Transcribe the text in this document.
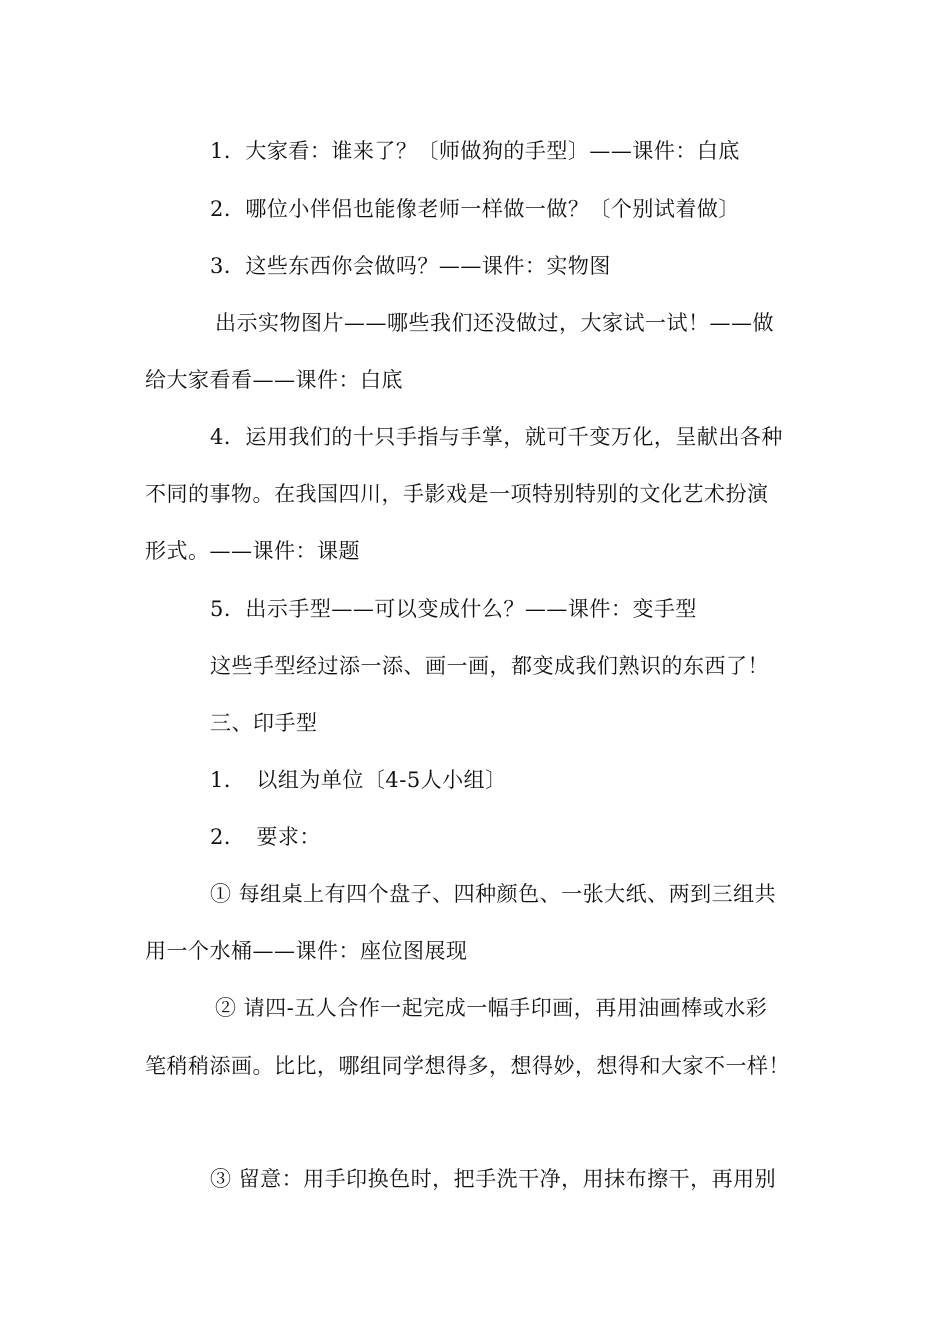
1．大家看：谁来了？〔师做狗的手型〕——课件：白底
2．哪位小伴侣也能像老师一样做一做？〔个别试着做〕
3．这些东西你会做吗？——课件：实物图
出示实物图片——哪些我们还没做过，大家试一试！——做
给大家看看——课件：白底
4．运用我们的十只手指与手掌，就可千变万化，呈献出各种
不同的事物。在我国四川，手影戏是一项特别特别的文化艺术扮演
形式。——课件：课题
5．出示手型——可以变成什么？——课件：变手型
这些手型经过添一添、画一画，都变成我们熟识的东西了！
三、印手型
1．　以组为单位〔4-5人小组〕
2．　要求：
① 每组桌上有四个盘子、四种颜色、一张大纸、两到三组共
用一个水桶——课件：座位图展现
② 请四-五人合作一起完成一幅手印画，再用油画棒或水彩
笔稍稍添画。比比，哪组同学想得多，想得妙，想得和大家不一样！
③ 留意：用手印换色时，把手洗干净，用抹布擦干，再用别
